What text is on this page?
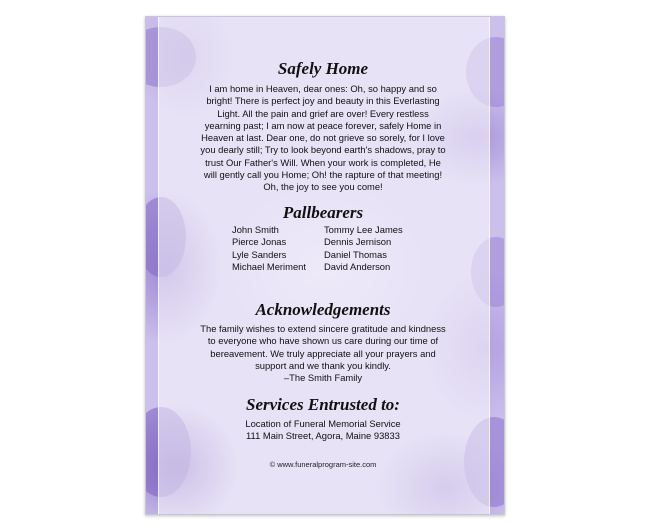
Safely Home
I am home in Heaven, dear ones: Oh, so happy and so
bright! There is perfect joy and beauty in this Everlasting
Light. All the pain and grief are over! Every restless
yearning past; I am now at peace forever, safely Home in
Heaven at last. Dear one, do not grieve so sorely, for I love
you dearly still; Try to look beyond earth's shadows, pray to
trust Our Father's Will. When your work is completed, He
will gently call you Home; Oh! the rapture of that meeting!
Oh, the joy to see you come!
Pallbearers
John Smith	Tommy Lee James
Pierce Jonas	Dennis Jernison
Lyle Sanders	Daniel Thomas
Michael Meriment	David Anderson
Acknowledgements
The family wishes to extend sincere gratitude and kindness
to everyone who have shown us care during our time of
bereavement. We truly appreciate all your prayers and
support and we thank you kindly.
–The Smith Family
Services Entrusted to:
Location of Funeral Memorial Service
111 Main Street, Agora, Maine 93833
© www.funeralprogram-site.com
